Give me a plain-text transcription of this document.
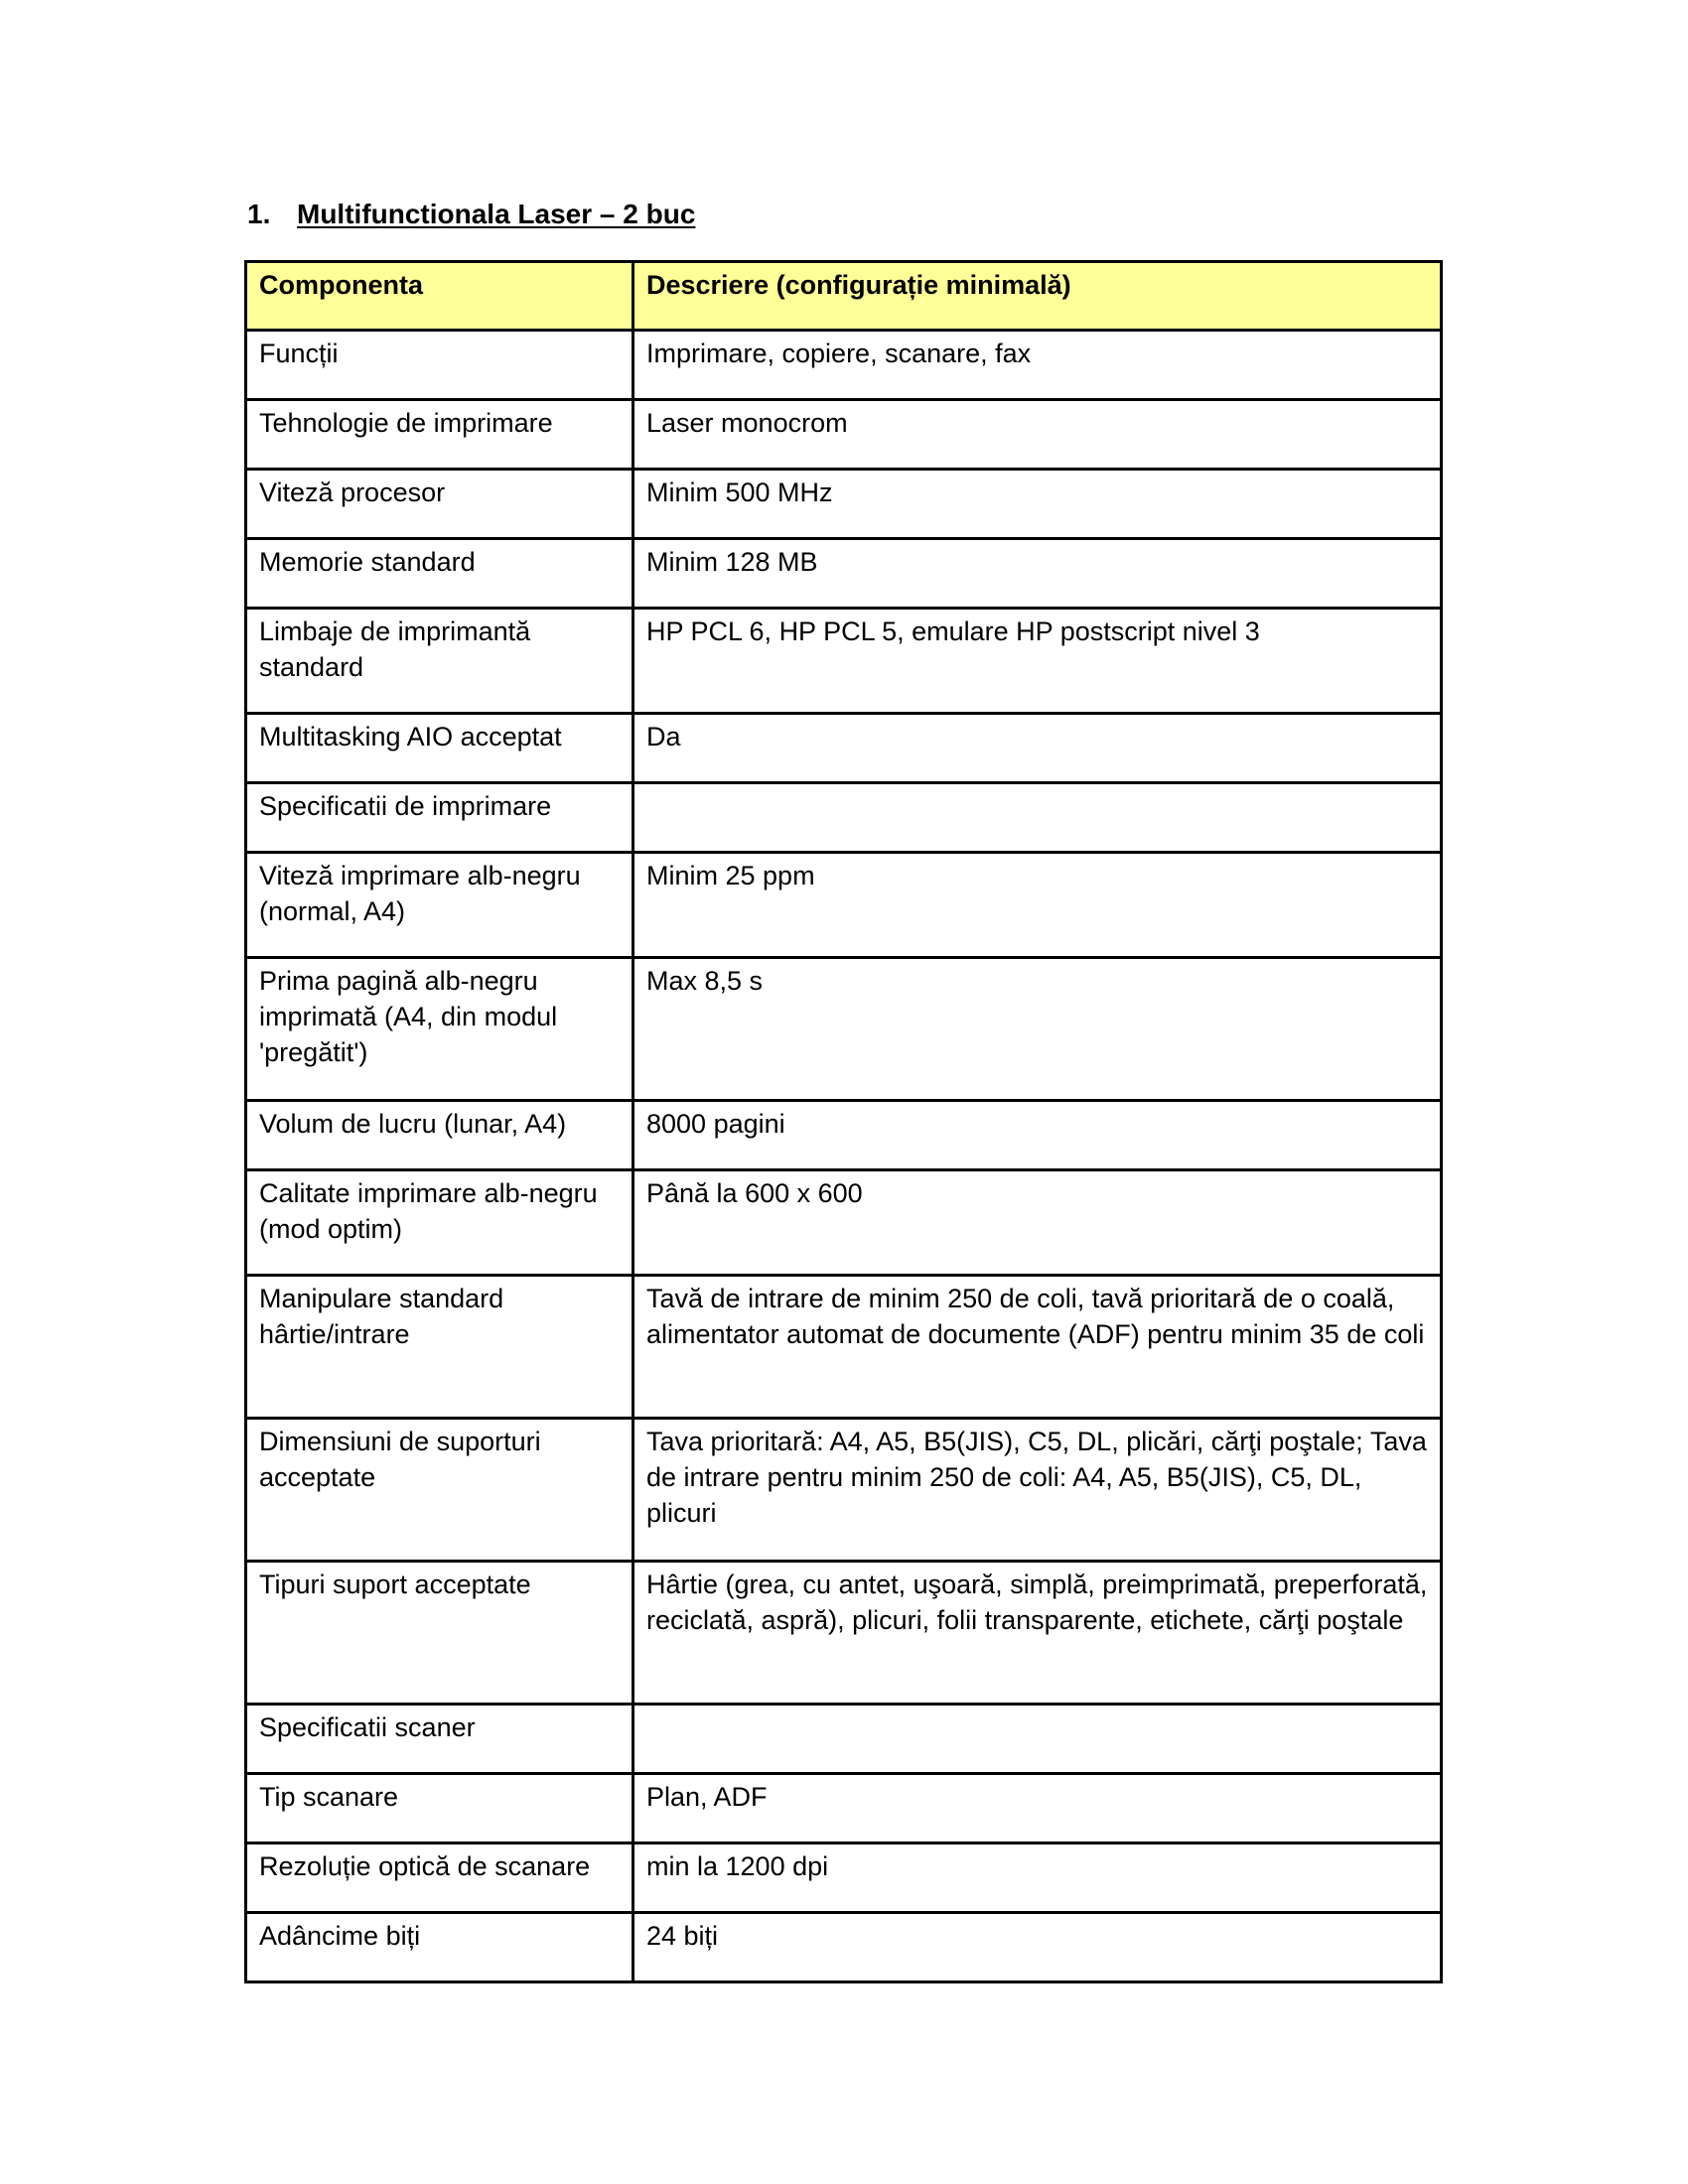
1. Multifunctionala Laser – 2 buc
Componenta	Descriere (configurație minimală)
Funcții	Imprimare, copiere, scanare, fax
Tehnologie de imprimare	Laser monocrom
Viteză procesor	Minim 500 MHz
Memorie standard	Minim 128 MB
Limbaje de imprimantă standard	HP PCL 6, HP PCL 5, emulare HP postscript nivel 3
Multitasking AIO acceptat	Da
Specificatii de imprimare	
Viteză imprimare alb-negru (normal, A4)	Minim 25 ppm
Prima pagină alb-negru imprimată (A4, din modul 'pregătit')	Max 8,5 s
Volum de lucru (lunar, A4)	8000 pagini
Calitate imprimare alb-negru (mod optim)	Până la 600 x 600
Manipulare standard hârtie/intrare	Tavă de intrare de minim 250 de coli, tavă prioritară de o coală, alimentator automat de documente (ADF) pentru minim 35 de coli
Dimensiuni de suporturi acceptate	Tava prioritară: A4, A5, B5(JIS), C5, DL, plicări, cărţi poştale; Tava de intrare pentru minim 250 de coli: A4, A5, B5(JIS), C5, DL, plicuri
Tipuri suport acceptate	Hârtie (grea, cu antet, uşoară, simplă, preimprimată, preperforată, reciclată, aspră), plicuri, folii transparente, etichete, cărţi poştale
Specificatii scaner	
Tip scanare	Plan, ADF
Rezoluție optică de scanare	min la 1200 dpi
Adâncime biți	24 biți
